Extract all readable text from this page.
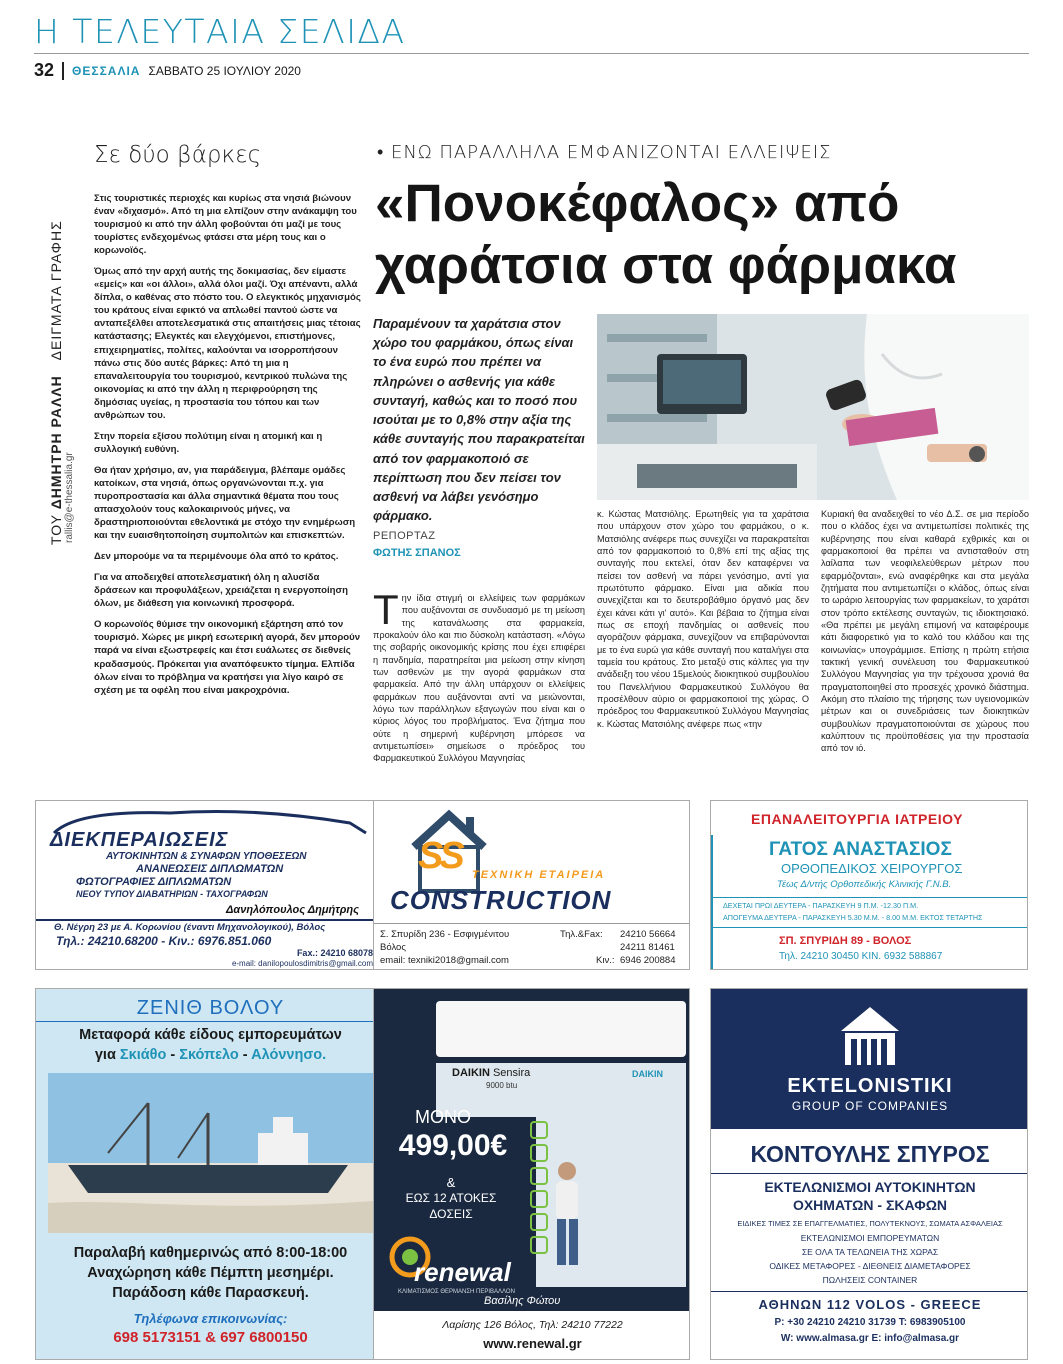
Η ΤΕΛΕΥΤΑΙΑ ΣΕΛΙΔΑ
32 ΘΕΣΣΑΛΙΑ ΣΑΒΒΑΤΟ 25 ΙΟΥΛΙΟΥ 2020
Σε δύο βάρκες
ΤΟΥ ΔΗΜΗΤΡΗ ΡΑΛΛΗ ΔΕΙΓΜΑΤΑ ΓΡΑΦΗΣ
rallis@e-thessalia.gr

Στις τουριστικές περιοχές και κυρίως στα νησιά βιώνουν έναν «διχασμό». Από τη μια ελπίζουν στην ανάκαμψη του τουρισμού κι από την άλλη φοβούνται ότι μαζί με τους τουρίστες ενδεχομένως φτάσει στα μέρη τους και ο κορωνοϊός.

Όμως από την αρχή αυτής της δοκιμασίας, δεν είμαστε «εμείς» και «οι άλλοι», αλλά όλοι μαζί. Όχι απέναντι, αλλά δίπλα, ο καθένας στο πόστο του. Ο ελεγκτικός μηχανισμός του κράτους είναι εφικτό να απλωθεί παντού ώστε να ανταπεξέλθει αποτελεσματικά στις απαιτήσεις μιας τέτοιας κατάστασης; Ελεγκτές και ελεγχόμενοι, επιστήμονες, επιχειρηματίες, πολίτες, καλούνται να ισορροπήσουν πάνω στις δύο αυτές βάρκες: Από τη μια η επαναλειτουργία του τουρισμού, κεντρικού πυλώνα της οικονομίας κι από την άλλη η περιφρούρηση της δημόσιας υγείας, η προστασία του τόπου και των ανθρώπων του.

Στην πορεία εξίσου πολύτιμη είναι η ατομική και η συλλογική ευθύνη.

Θα ήταν χρήσιμο, αν, για παράδειγμα, βλέπαμε ομάδες κατοίκων, στα νησιά, όπως οργανώνονται π.χ. για πυροπροστασία και άλλα σημαντικά θέματα που τους απασχολούν τους καλοκαιρινούς μήνες, να δραστηριοποιούνται εθελοντικά με στόχο την ενημέρωση και την ευαισθητοποίηση συμπολιτών και επισκεπτών.

Δεν μπορούμε να τα περιμένουμε όλα από το κράτος.

Για να αποδειχθεί αποτελεσματική όλη η αλυσίδα δράσεων και προφυλάξεων, χρειάζεται η ενεργοποίηση όλων, με διάθεση για κοινωνική προσφορά.

Ο κορωνοϊός θύμισε την οικονομική εξάρτηση από τον τουρισμό. Χώρες με μικρή εσωτερική αγορά, δεν μπορούν παρά να είναι εξωστρεφείς και έτσι ευάλωτες σε διεθνείς κραδασμούς. Πρόκειται για αναπόφευκτο τίμημα. Ελπίδα όλων είναι το πρόβλημα να κρατήσει για λίγο καιρό σε σχέση με τα οφέλη που είναι μακροχρόνια.

• ΕΝΩ ΠΑΡΑΛΛΗΛΑ ΕΜΦΑΝΙΖΟΝΤΑΙ ΕΛΛΕΙΨΕΙΣ
«Πονοκέφαλος» από
χαράτσια στα φάρμακα
Παραμένουν τα χαράτσια στον χώρο του φαρμάκου, όπως είναι το ένα ευρώ που πρέπει να πληρώνει ο ασθενής για κάθε συνταγή, καθώς και το ποσό που ισούται με το 0,8% στην αξία της κάθε συνταγής που παρακρατείται από τον φαρμακοποιό σε περίπτωση που δεν πείσει τον ασθενή να λάβει γενόσημο φάρμακο.
ΡΕΠΟΡΤΑΖ
ΦΩΤΗΣ ΣΠΑΝΟΣ
Την ίδια στιγμή οι ελλείψεις των φαρμάκων που αυξάνονται σε συνδυασμό με τη μείωση της κατανάλωσης στα φαρμακεία, προκαλούν όλο και πιο δύσκολη κατάσταση. «Λόγω της σοβαρής οικονομικής κρίσης που έχει επιφέρει η πανδημία, παρατηρείται μια μείωση στην κίνηση των ασθενών με την αγορά φαρμάκων στα φαρμακεία. Από την άλλη υπάρχουν οι ελλείψεις φαρμάκων που αυξάνονται αντί να μειώνονται, λόγω των παράλληλων εξαγωγών που είναι και ο κύριος λόγος του προβλήματος. Ένα ζήτημα που ούτε η σημερινή κυβέρνηση μπόρεσε να αντιμετωπίσει» σημείωσε ο πρόεδρος του Φαρμακευτικού Συλλόγου Μαγνησίας
κ. Κώστας Ματσιόλης. Ερωτηθείς για τα χαράτσια που υπάρχουν στον χώρο του φαρμάκου, ο κ. Ματσιόλης ανέφερε πως συνεχίζει να παρακρατείται από τον φαρμακοποιό το 0,8% επί της αξίας της συνταγής που εκτελεί, όταν δεν καταφέρνει να πείσει τον ασθενή να πάρει γενόσημο, αντί για πρωτότυπο φάρμακο. Είναι μια αδικία που συνεχίζεται και το δευτεροβάθμιο όργανό μας δεν έχει κάνει κάτι γι' αυτό». Και βέβαια το ζήτημα είναι πως σε εποχή πανδημίας οι ασθενείς που αγοράζουν φάρμακα, συνεχίζουν να επιβαρύνονται με το ένα ευρώ για κάθε συνταγή που καταλήγει στα ταμεία του κράτους. Στο μεταξύ στις κάλπες για την ανάδειξη του νέου 15μελούς διοικητικού συμβουλίου του Πανελλήνιου Φαρμακευτικού Συλλόγου θα προσέλθουν αύριο οι φαρμακοποιοί της χώρας. Ο πρόεδρος του Φαρμακευτικού Συλλόγου Μαγνησίας κ. Κώστας Ματσιόλης ανέφερε πως «την
Κυριακή θα αναδειχθεί το νέο Δ.Σ. σε μια περίοδο που ο κλάδος έχει να αντιμετωπίσει πολιτικές της κυβέρνησης που είναι καθαρά εχθρικές και οι φαρμακοποιοί θα πρέπει να αντισταθούν στη λαίλαπα των νεοφιλελεύθερων μέτρων που εφαρμόζονται», ενώ αναφέρθηκε και στα μεγάλα ζητήματα που αντιμετωπίζει ο κλάδος, όπως είναι το ωράριο λειτουργίας των φαρμακείων, το χαράτσι στον τρόπο εκτέλεσης συνταγών, τις ιδιοκτησιακό. «Θα πρέπει με μεγάλη επιμονή να καταφέρουμε κάτι διαφορετικό για το καλό του κλάδου και της κοινωνίας» υπογράμμισε. Επίσης η πρώτη ετήσια τακτική γενική συνέλευση του Φαρμακευτικού Συλλόγου Μαγνησίας για την τρέχουσα χρονιά θα πραγματοποιηθεί στο προσεχές χρονικό διάστημα. Ακόμη στο πλαίσιο της τήρησης των υγειονομικών μέτρων και οι συνεδριάσεις των διοικητικών συμβουλίων πραγματοποιούνται σε χώρους που καλύπτουν τις προϋποθέσεις για την προστασία από τον ιό.
ΔΙΕΚΠΕΡΑΙΩΣΕΙΣ
ΑΥΤΟΚΙΝΗΤΩΝ & ΣΥΝΑΦΩΝ ΥΠΟΘΕΣΕΩΝ
ΑΝΑΝΕΩΣΕΙΣ ΔΙΠΛΩΜΑΤΩΝ
ΦΩΤΟΓΡΑΦΙΕΣ ΔΙΠΛΩΜΑΤΩΝ
ΝΕΟΥ ΤΥΠΟΥ ΔΙΑΒΑΤΗΡΙΩΝ - ΤΑΧΟΓΡΑΦΩΝ
Δανηλόπουλος Δημήτρης
Θ. Νέγρη 23 με Α. Κορωνίου (έναντι Μηχανολογικού), Βόλος
Τηλ.: 24210.68200 - Κιν.: 6976.851.060
Fax.: 24210 68078
e-mail: danilopoulosdimitris@gmail.com
SS ΤΕΧΝΙΚΗ ΕΤΑΙΡΕΙΑ
CONSTRUCTION
Σ. Σπυρίδη 236 - Εσφιγμένιτου
Βόλος
email: texniki2018@gmail.com
Τηλ.&Fax: 24210 56664
24211 81461
Κιν.: 6946 200884
ΕΠΑΝΑΛΕΙΤΟΥΡΓΙΑ ΙΑΤΡΕΙΟΥ
ΓΑΤΟΣ ΑΝΑΣΤΑΣΙΟΣ
ΟΡΘΟΠΕΔΙΚΟΣ ΧΕΙΡΟΥΡΓΟΣ
Τέως Δ/ντής Ορθοπεδικής Κλινικής Γ.Ν.Β.
ΔΕΧΕΤΑΙ ΠΡΩΙ ΔΕΥΤΕΡΑ - ΠΑΡΑΣΚΕΥΗ 9 Π.Μ. -12.30 Π.Μ.
ΑΠΟΓΕΥΜΑ ΔΕΥΤΕΡΑ - ΠΑΡΑΣΚΕΥΗ 5.30 Μ.Μ. - 8.00 Μ.Μ. ΕΚΤΟΣ ΤΕΤΑΡΤΗΣ
ΣΠ. ΣΠΥΡΙΔΗ 89 - ΒΟΛΟΣ
Τηλ. 24210 30450 ΚΙΝ. 6932 588867
ΖΕΝΙΘ ΒΟΛΟΥ
Μεταφορά κάθε είδους εμπορευμάτων
για Σκιάθο - Σκόπελο - Αλόννησο.
Παραλαβή καθημερινώς από 8:00-18:00
Αναχώρηση κάθε Πέμπτη μεσημέρι.
Παράδοση κάθε Παρασκευή.
Τηλέφωνα επικοινωνίας:
698 5173151 & 697 6800150
DAIKIN Sensira
9000 btu
DAIKIN
ΜΟΝΟ
499,00€
&
ΕΩΣ 12 ΑΤΟΚΕΣ
ΔΟΣΕΙΣ
renewal
ΚΛΙΜΑΤΙΣΜΟΣ ΘΕΡΜΑΝΣΗ ΠΕΡΙΒΑΛΛΟΝ
Βασίλης Φώτου
Λαρίσης 126 Βόλος, Τηλ: 24210 77222
www.renewal.gr
EKTELONISTIKI
GROUP OF COMPANIES
ΚΟΝΤΟΥΛΗΣ ΣΠΥΡΟΣ
ΕΚΤΕΛΩΝΙΣΜΟΙ ΑΥΤΟΚΙΝΗΤΩΝ
ΟΧΗΜΑΤΩΝ - ΣΚΑΦΩΝ
ΕΙΔΙΚΕΣ ΤΙΜΕΣ ΣΕ ΕΠΑΓΓΕΛΜΑΤΙΕΣ, ΠΟΛΥΤΕΚΝΟΥΣ, ΣΩΜΑΤΑ ΑΣΦΑΛΕΙΑΣ
ΕΚΤΕΛΩΝΙΣΜΟΙ ΕΜΠΟΡΕΥΜΑΤΩΝ
ΣΕ ΟΛΑ ΤΑ ΤΕΛΩΝΕΙΑ ΤΗΣ ΧΩΡΑΣ
ΟΔΙΚΕΣ ΜΕΤΑΦΟΡΕΣ - ΔΙΕΘΝΕΙΣ ΔΙΑΜΕΤΑΦΟΡΕΣ
ΠΩΛΗΣΕΙΣ CONTAINER
ΑΘΗΝΩΝ 112 VOLOS - GREECE
P: +30 24210 24210 31739 T: 6983905100
W: www.almasa.gr E: info@almasa.gr
